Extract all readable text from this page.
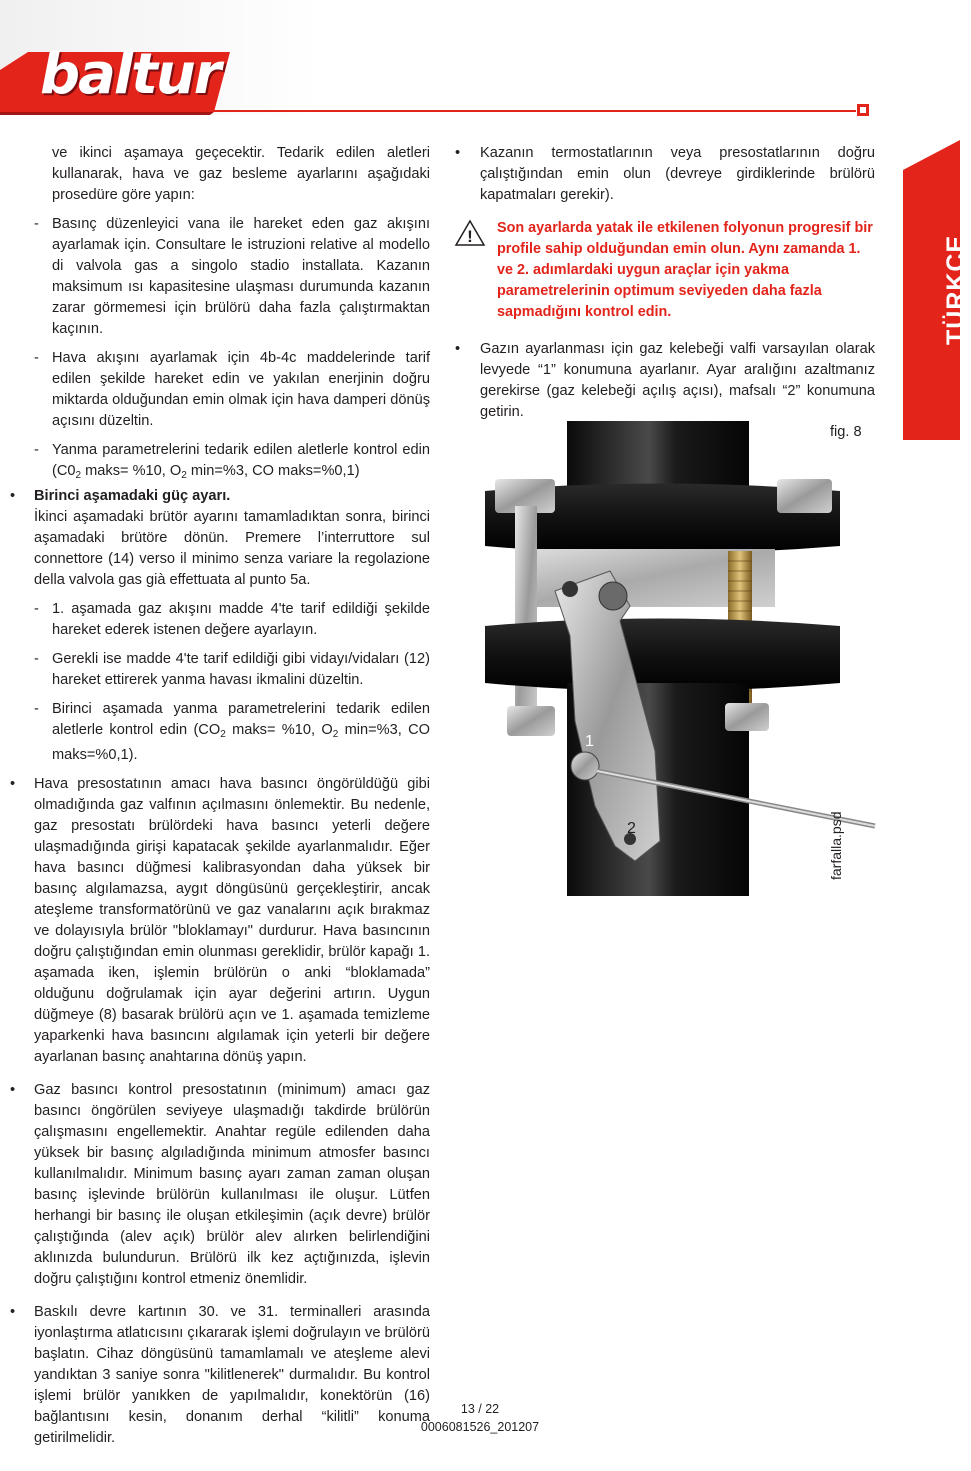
baltur

ve ikinci aşamaya geçecektir. Tedarik edilen aletleri kullanarak, hava ve gaz besleme ayarlarını aşağıdaki prosedüre göre yapın:

- Basınç düzenleyici vana ile hareket eden gaz akışını ayarlamak için. Consultare le istruzioni relative al modello di valvola gas a singolo stadio installata. Kazanın maksimum ısı kapasitesine ulaşması durumunda kazanın zarar görmemesi için brülörü daha fazla çalıştırmaktan kaçının.
- Hava akışını ayarlamak için 4b-4c maddelerinde tarif edilen şekilde hareket edin ve yakılan enerjinin doğru miktarda olduğundan emin olmak için hava damperi dönüş açısını düzeltin.
- Yanma parametrelerini tedarik edilen aletlerle kontrol edin ($C0_2$ maks= %10, $O_2$ min=%3, CO maks=%0,1)
• Birinci aşamadaki güç ayarı.

İkinci aşamadaki brütör ayarını tamamladıktan sonra, birinci aşamadaki brütöre dönün. Premere l’interruttore sul connettore (14) verso il minimo senza variare la regolazione della valvola gas già effettuata al punto 5a.

- 1. aşamada gaz akışını madde 4'te tarif edildiği şekilde hareket ederek istenen değere ayarlayın.
- Gerekli ise madde 4'te tarif edildiği gibi vidayı/vidaları (12) hareket ettirerek yanma havası ikmalini düzeltin.
- Birinci aşamada yanma parametrelerini tedarik edilen aletlerle kontrol edin ($CO_2$ maks= %10, $O_2$ min=%3, CO maks=%0,1).
• Hava presostatının amacı hava basıncı öngörüldüğü gibi olmadığında gaz valfının açılmasını önlemektir. Bu nedenle, gaz presostatı brülördeki hava basıncı yeterli değere ulaşmadığında girişi kapatacak şekilde ayarlanmalıdır. Eğer hava basıncı düğmesi kalibrasyondan daha yüksek bir basınç algılamazsa, aygıt döngüsünü gerçekleştirir, ancak ateşleme transformatörünü ve gaz vanalarını açık bırakmaz ve dolayısıyla brülör "bloklamayı" durdurur. Hava basıncının doğru çalıştığından emin olunması gereklidir, brülör kapağı 1. aşamada iken, işlemin brülörün o anki “bloklamada” olduğunu doğrulamak için ayar değerini artırın. Uygun düğmeye (8) basarak brülörü açın ve 1. aşamada temizleme yaparkenki hava basıncını algılamak için yeterli bir değere ayarlanan basınç anahtarına dönüş yapın.

• Gaz basıncı kontrol presostatının (minimum) amacı gaz basıncı öngörülen seviyeye ulaşmadığı takdirde brülörün çalışmasını engellemektir. Anahtar regüle edilenden daha yüksek bir basınç algıladığında minimum atmosfer basıncı kullanılmalıdır. Minimum basınç ayarı zaman zaman oluşan basınç işlevinde brülörün kullanılması ile oluşur. Lütfen herhangi bir basınç ile oluşan etkileşimin (açık devre) brülör çalıştığında (alev açık) brülör alev alırken belirlendiğini aklınızda bulundurun. Brülörü ilk kez açtığınızda, işlevin doğru çalıştığını kontrol etmeniz önemlidir.

• Baskılı devre kartının 30. ve 31. terminalleri arasında iyonlaştırma atlatıcısını çıkararak işlemi doğrulayın ve brülörü başlatın. Cihaz döngüsünü tamamlamalı ve ateşleme alevi yandıktan 3 saniye sonra "kilitlenerek" durmalıdır. Bu kontrol işlemi brülör yanıkken de yapılmalıdır, konektörün (16) bağlantısını kesin, donanım derhal “kilitli” konuma getirilmelidir.

• Kazanın termostatlarının veya presostatlarının doğru çalıştığından emin olun (devreye girdiklerinde brülörü kapatmaları gerekir).

! Son ayarlarda yatak ile etkilenen folyonun progresif bir profile sahip olduğundan emin olun. Aynı zamanda 1. ve 2. adımlardaki uygun araçlar için yakma parametrelerinin optimum seviyeden daha fazla sapmadığını kontrol edin.

• Gazın ayarlanması için gaz kelebeği valfi varsayılan olarak levyede “1” konumuna ayarlanır. Ayar aralığını azaltmanız gerekirse (gaz kelebeği açılış açısı), mafsalı “2” konumuna getirin.

1
2
fig. 8
farfalla.psd
TÜRKÇE
13 / 22
0006081526_201207
